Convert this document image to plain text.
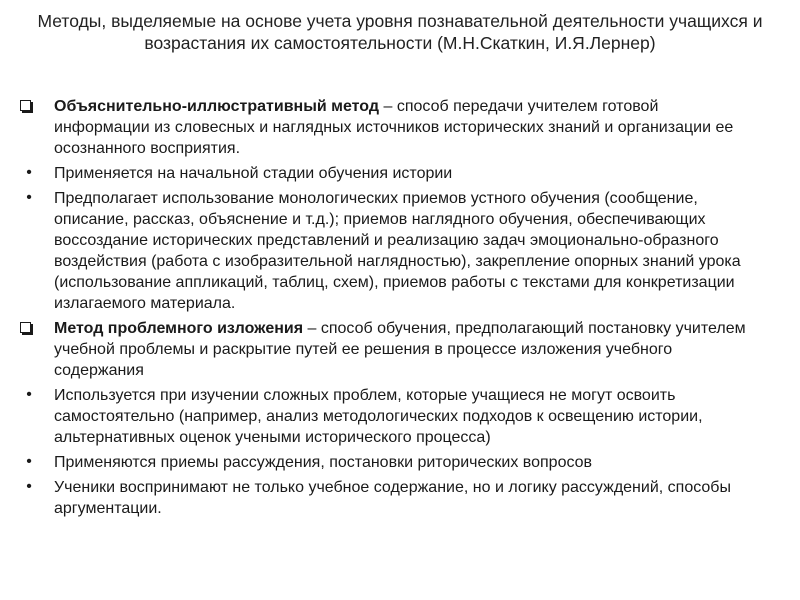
Методы, выделяемые на основе учета уровня познавательной деятельности учащихся и возрастания их самостоятельности (М.Н.Скаткин, И.Я.Лернер)
Объяснительно-иллюстративный метод – способ передачи учителем готовой информации из словесных и наглядных источников исторических знаний и организации ее осознанного восприятия.
• Применяется на начальной стадии обучения истории
• Предполагает использование монологических приемов устного обучения (сообщение, описание, рассказ, объяснение и т.д.); приемов наглядного обучения, обеспечивающих воссоздание исторических представлений и реализацию задач эмоционально-образного воздействия (работа с изобразительной наглядностью), закрепление опорных знаний урока (использование аппликаций, таблиц, схем), приемов работы с текстами для конкретизации излагаемого материала.
Метод проблемного изложения – способ обучения, предполагающий постановку учителем учебной проблемы и раскрытие путей ее решения в процессе изложения учебного содержания
• Используется при изучении сложных проблем, которые учащиеся не могут освоить самостоятельно (например, анализ методологических подходов к освещению истории, альтернативных оценок учеными исторического процесса)
• Применяются приемы рассуждения, постановки риторических вопросов
• Ученики воспринимают не только учебное содержание, но и логику рассуждений, способы аргументации.
